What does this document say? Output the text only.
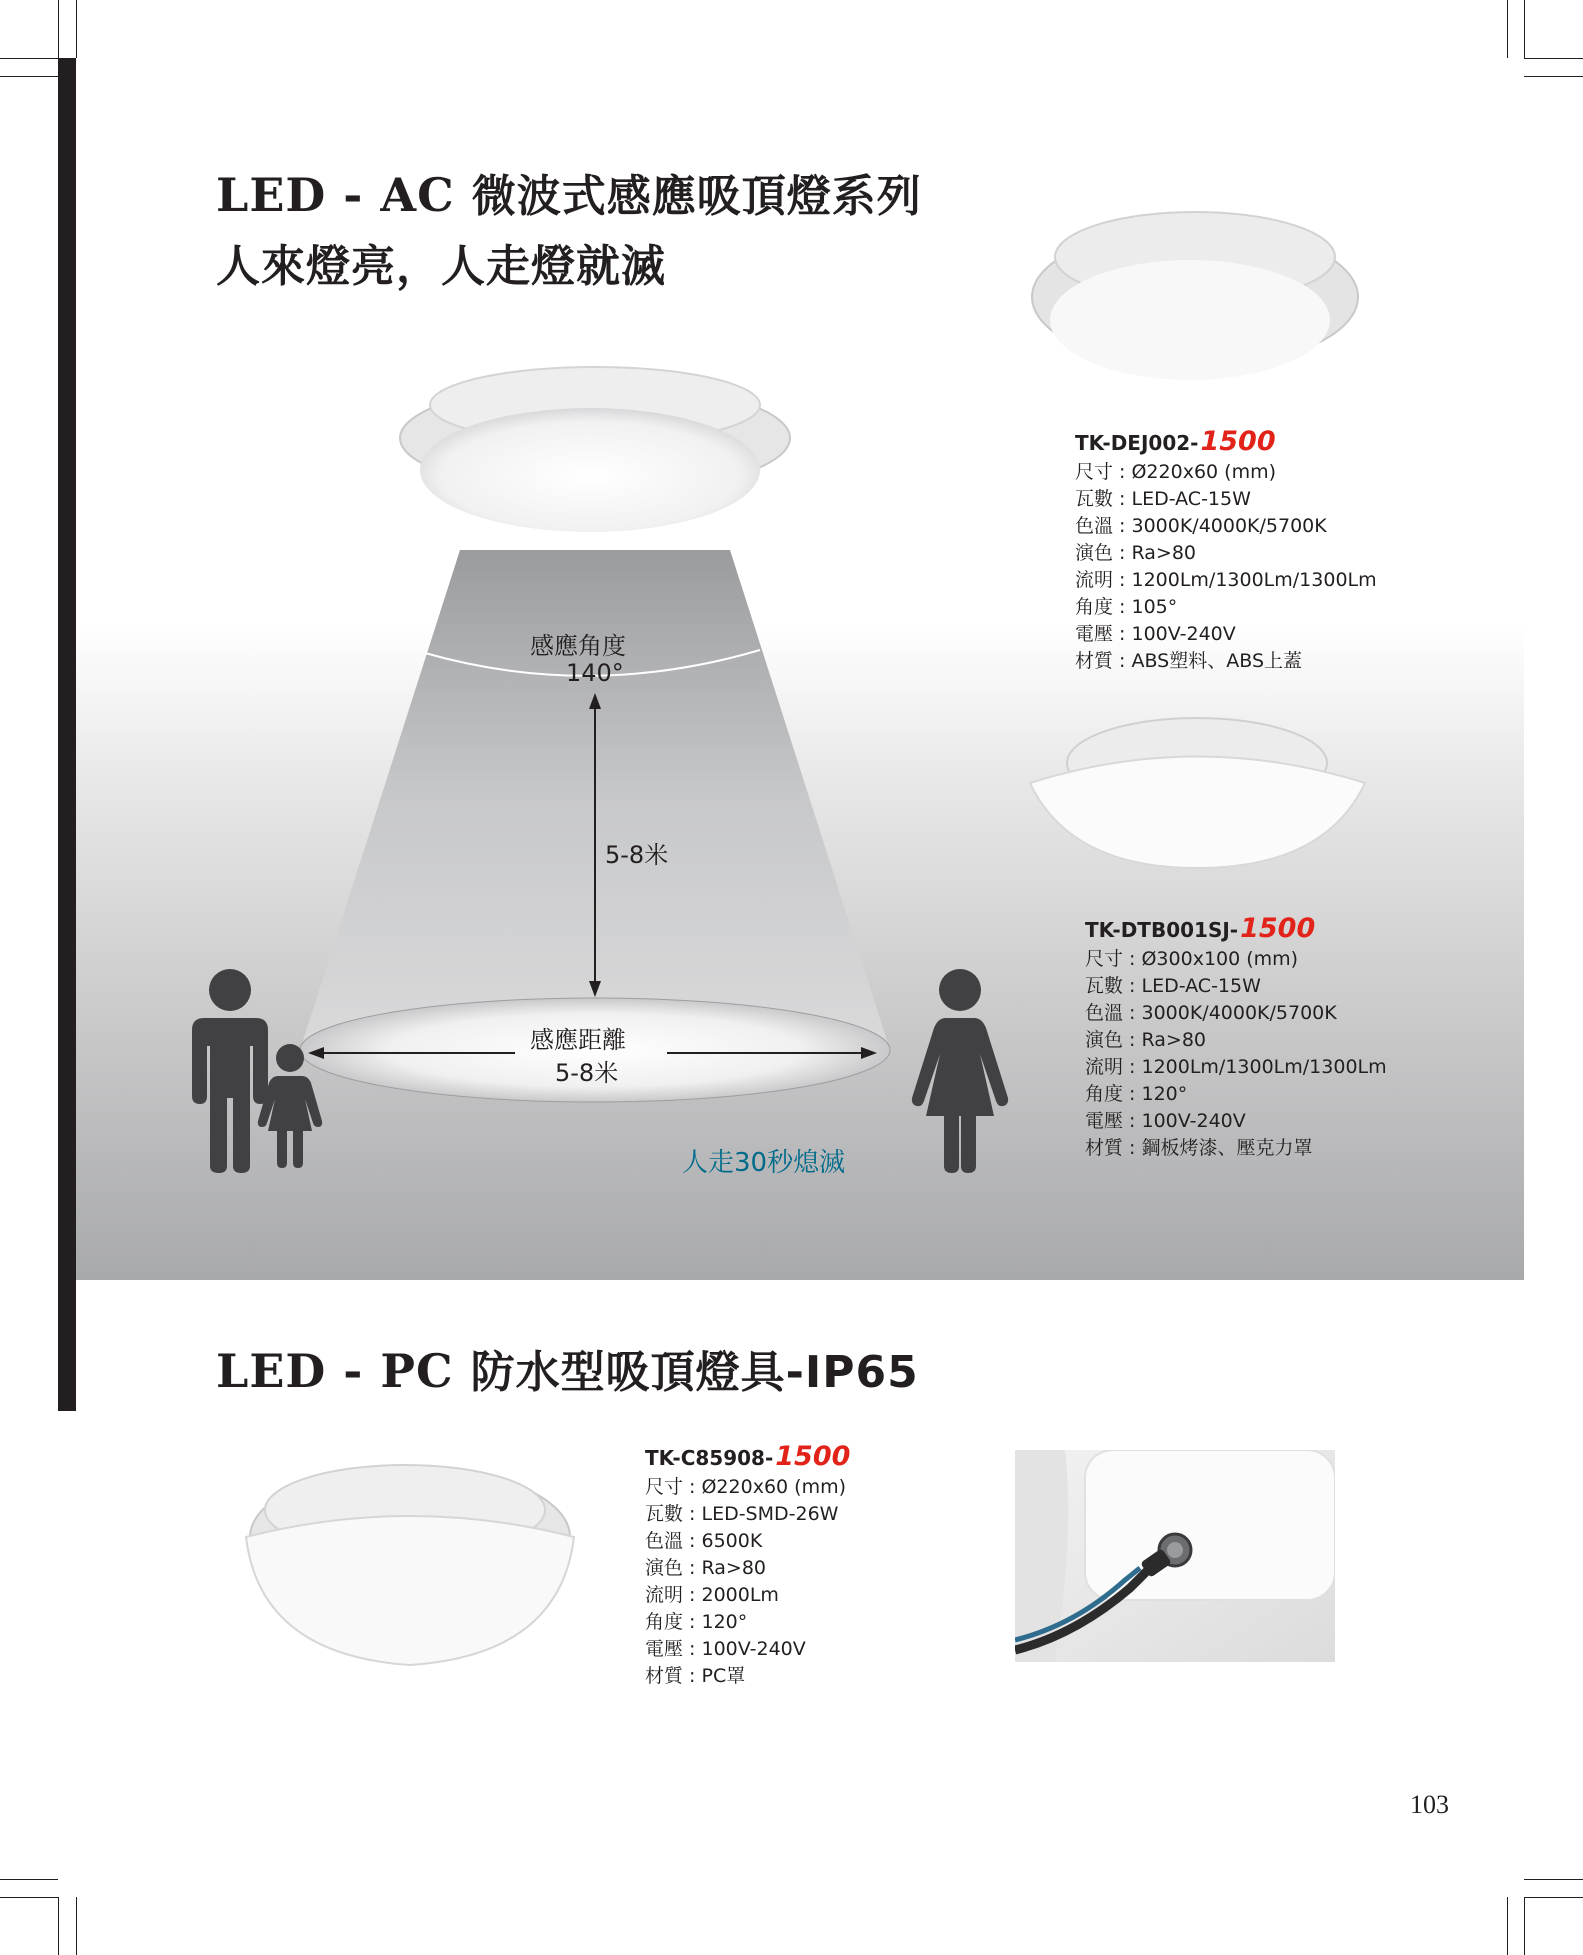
LED - AC 微波式感應吸頂燈系列
人來燈亮，人走燈就滅
感應角度
140°
5-8米
感應距離
5-8米
人走30秒熄滅
TK-DEJ002- 1500
尺寸 : Ø220x60 (mm)
瓦數 : LED-AC-15W
色溫 : 3000K/4000K/5700K
演色 : Ra>80
流明 : 1200Lm/1300Lm/1300Lm
角度 : 105°
電壓 : 100V-240V
材質 : ABS塑料、ABS上蓋
TK-DTB001SJ- 1500
尺寸 : Ø300x100 (mm)
瓦數 : LED-AC-15W
色溫 : 3000K/4000K/5700K
演色 : Ra>80
流明 : 1200Lm/1300Lm/1300Lm
角度 : 120°
電壓 : 100V-240V
材質 : 鋼板烤漆、壓克力罩
LED - PC 防水型吸頂燈具-IP65
TK-C85908- 1500
尺寸 : Ø220x60 (mm)
瓦數 : LED-SMD-26W
色溫 : 6500K
演色 : Ra>80
流明 : 2000Lm
角度 : 120°
電壓 : 100V-240V
材質 : PC罩
103
